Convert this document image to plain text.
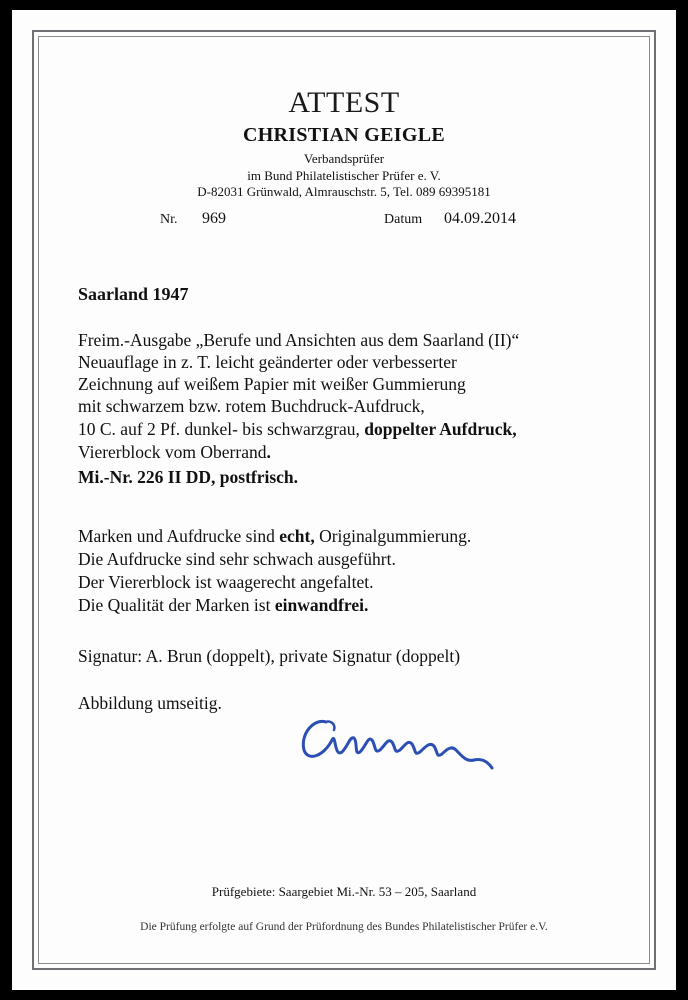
ATTEST
CHRISTIAN GEIGLE
Verbandsprüfer
im Bund Philatelistischer Prüfer e. V.
D-82031 Grünwald, Almrauschstr. 5, Tel. 089 69395181
Nr. 969	Datum 04.09.2014
Saarland 1947
Freim.-Ausgabe „Berufe und Ansichten aus dem Saarland (II)“
Neuauflage in z. T. leicht geänderter oder verbesserter
Zeichnung auf weißem Papier mit weißer Gummierung
mit schwarzem bzw. rotem Buchdruck-Aufdruck,
10 C. auf 2 Pf. dunkel- bis schwarzgrau, doppelter Aufdruck,
Viererblock vom Oberrand.
Mi.-Nr. 226 II DD, postfrisch.
Marken und Aufdrucke sind echt, Originalgummierung.
Die Aufdrucke sind sehr schwach ausgeführt.
Der Viererblock ist waagerecht angefaltet.
Die Qualität der Marken ist einwandfrei.
Signatur: A. Brun (doppelt), private Signatur (doppelt)
Abbildung umseitig.
Prüfgebiete: Saargebiet Mi.-Nr. 53 – 205, Saarland
Die Prüfung erfolgte auf Grund der Prüfordnung des Bundes Philatelistischer Prüfer e.V.
